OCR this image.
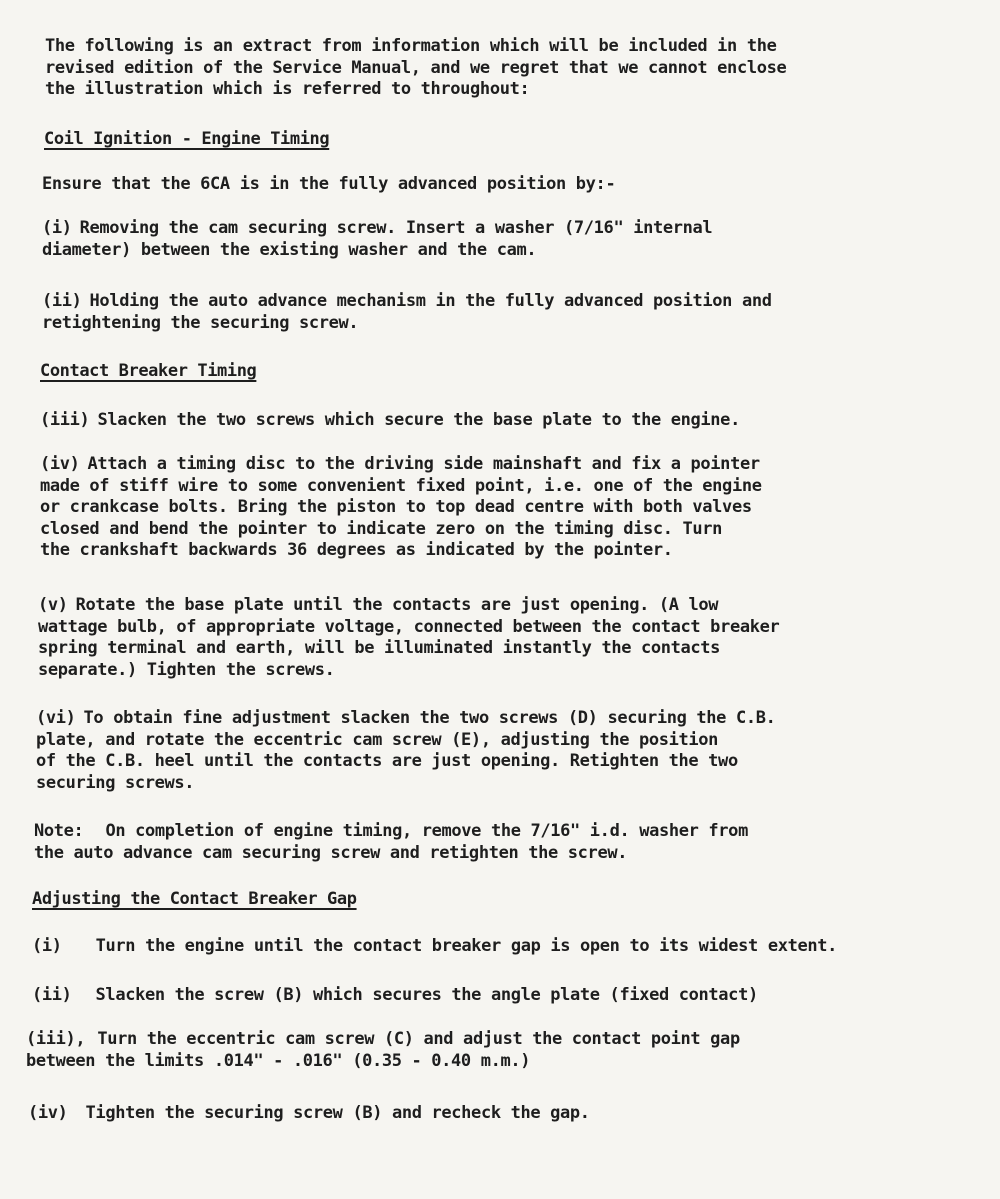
The following is an extract from information which will be included in the
revised edition of the Service Manual, and we regret that we cannot enclose
the illustration which is referred to throughout:
Coil Ignition - Engine Timing
Ensure that the 6CA is in the fully advanced position by:-
(i) Removing the cam securing screw. Insert a washer (7/16" internal
diameter) between the existing washer and the cam.
(ii) Holding the auto advance mechanism in the fully advanced position and
retightening the securing screw.
Contact Breaker Timing
(iii) Slacken the two screws which secure the base plate to the engine.
(iv) Attach a timing disc to the driving side mainshaft and fix a pointer
made of stiff wire to some convenient fixed point, i.e. one of the engine
or crankcase bolts. Bring the piston to top dead centre with both valves
closed and bend the pointer to indicate zero on the timing disc. Turn
the crankshaft backwards 36 degrees as indicated by the pointer.
(v) Rotate the base plate until the contacts are just opening. (A low
wattage bulb, of appropriate voltage, connected between the contact breaker
spring terminal and earth, will be illuminated instantly the contacts
separate.) Tighten the screws.
(vi) To obtain fine adjustment slacken the two screws (D) securing the C.B.
plate, and rotate the eccentric cam screw (E), adjusting the position
of the C.B. heel until the contacts are just opening. Retighten the two
securing screws.
Note: On completion of engine timing, remove the 7/16" i.d. washer from
the auto advance cam securing screw and retighten the screw.
Adjusting the Contact Breaker Gap
(i) Turn the engine until the contact breaker gap is open to its widest extent.
(ii) Slacken the screw (B) which secures the angle plate (fixed contact)
(iii), Turn the eccentric cam screw (C) and adjust the contact point gap
between the limits .014" - .016" (0.35 - 0.40 m.m.)
(iv) Tighten the securing screw (B) and recheck the gap.
